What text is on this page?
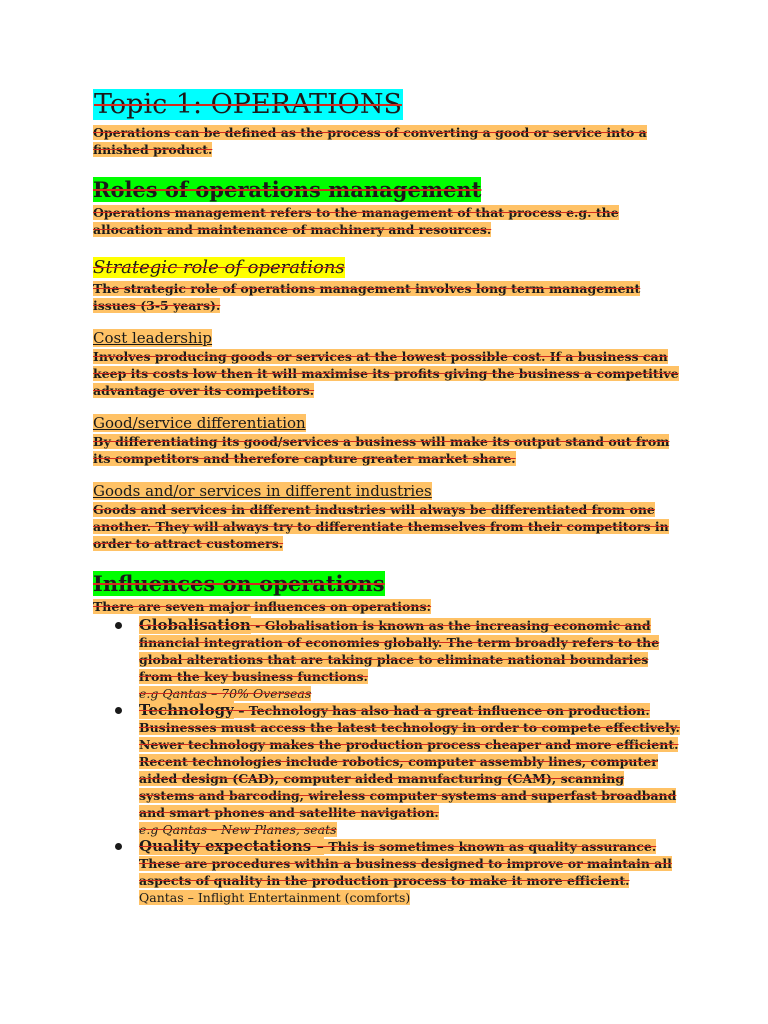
Topic 1: OPERATIONS

Operations can be defined as the process of converting a good or service into a finished product.

Roles of operations management

Operations management refers to the management of that process e.g. the allocation and maintenance of machinery and resources.

Strategic role of operations

The strategic role of operations management involves long term management issues (3-5 years).

Cost leadership

Involves producing goods or services at the lowest possible cost. If a business can keep its costs low then it will maximise its profits giving the business a competitive advantage over its competitors.

Good/service differentiation

By differentiating its good/services a business will make its output stand out from its competitors and therefore capture greater market share.

Goods and/or services in different industries

Goods and services in different industries will always be differentiated from one another. They will always try to differentiate themselves from their competitors in order to attract customers.

Influences on operations

There are seven major influences on operations:

Globalisation - Globalisation is known as the increasing economic and financial integration of economies globally. The term broadly refers to the global alterations that are taking place to eliminate national boundaries from the key business functions.
e.g Qantas – 70% Overseas
Technology – Technology has also had a great influence on production. Businesses must access the latest technology in order to compete effectively. Newer technology makes the production process cheaper and more efficient. Recent technologies include robotics, computer assembly lines, computer aided design (CAD), computer aided manufacturing (CAM), scanning systems and barcoding, wireless computer systems and superfast broadband and smart phones and satellite navigation.
e.g Qantas – New Planes, seats
Quality expectations – This is sometimes known as quality assurance. These are procedures within a business designed to improve or maintain all aspects of quality in the production process to make it more efficient.
Qantas – Inflight Entertainment (comforts)
